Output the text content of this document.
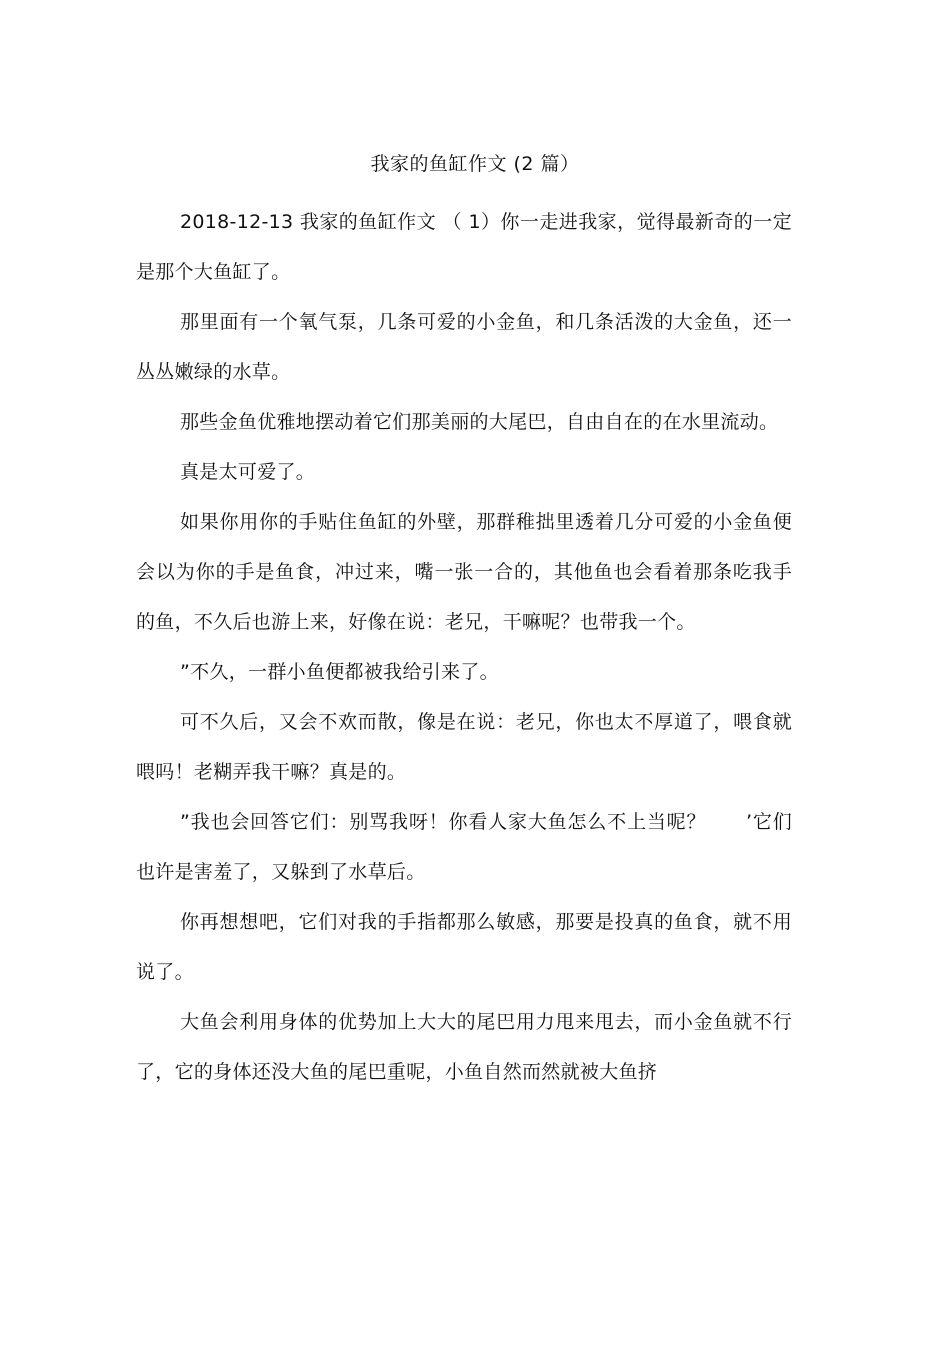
我家的鱼缸作文 (2 篇）

2018-12-13 我家的鱼缸作文 （ 1）你一走进我家，觉得最新奇的一定是那个大鱼缸了。

那里面有一个氧气泵，几条可爱的小金鱼，和几条活泼的大金鱼，还一丛丛嫩绿的水草。

那些金鱼优雅地摆动着它们那美丽的大尾巴，自由自在的在水里流动。

真是太可爱了。

如果你用你的手贴住鱼缸的外壁，那群稚拙里透着几分可爱的小金鱼便会以为你的手是鱼食，冲过来，嘴一张一合的，其他鱼也会看着那条吃我手的鱼，不久后也游上来，好像在说：老兄，干嘛呢？也带我一个。

”不久，一群小鱼便都被我给引来了。

可不久后，又会不欢而散，像是在说：老兄，你也太不厚道了，喂食就喂吗！老糊弄我干嘛？真是的。

”我也会回答它们：别骂我呀！你看人家大鱼怎么不上当呢？　　’它们也许是害羞了，又躲到了水草后。

你再想想吧，它们对我的手指都那么敏感，那要是投真的鱼食，就不用说了。

大鱼会利用身体的优势加上大大的尾巴用力甩来甩去，而小金鱼就不行了，它的身体还没大鱼的尾巴重呢，小鱼自然而然就被大鱼挤
